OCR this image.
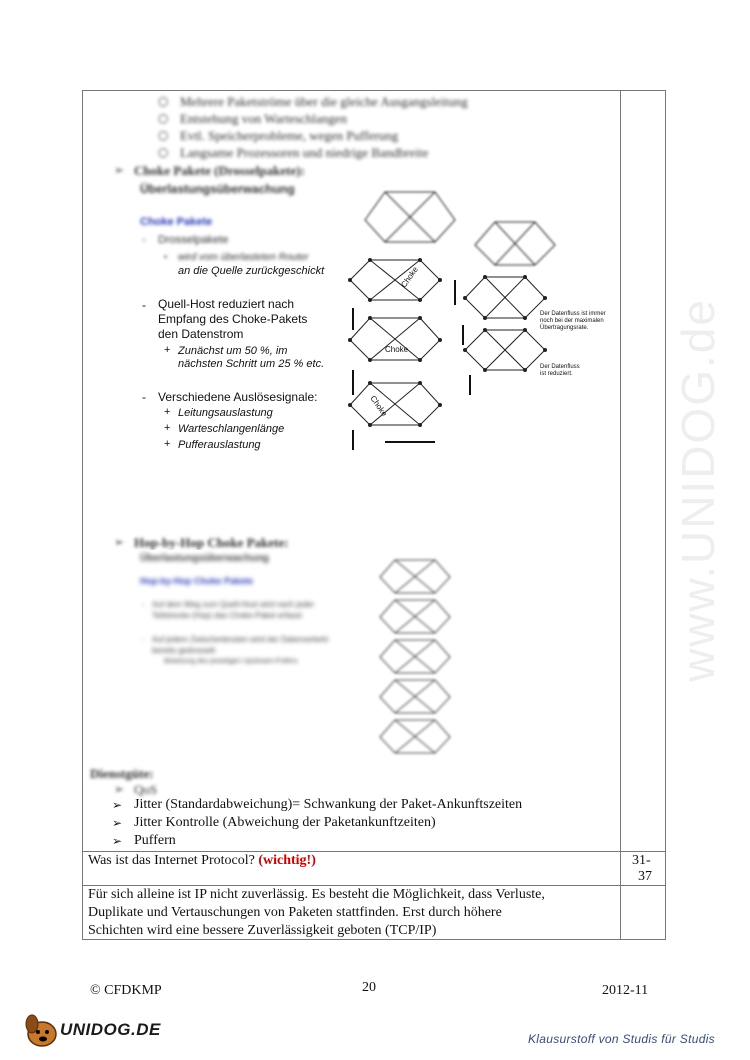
www.UNIDOG.de
○ Mehrere Paketströme über die gleiche Ausgangsleitung
○ Entstehung von Warteschlangen
○ Evtl. Speicherprobleme, wegen Pufferung
○ Langsame Prozessoren und niedrige Bandbreite
➢ Choke Pakete (Drosselpakete):
Überlastungsüberwachung
Choke Pakete
- Drosselpakete
• wird vom überlasteten Router
an die Quelle zurückgeschickt
- Quell-Host reduziert nach
Empfang des Choke-Pakets
den Datenstrom
+ Zunächst um 50 %, im
nächsten Schritt um 25 % etc.
- Verschiedene Auslösesignale:
+ Leitungsauslastung
+ Warteschlangenlänge
+ Pufferauslastung
Choke
Choke
Choke
Der Datenfluss ist immer
noch bei der maximalen
Übertragungsrate.
Der Datenfluss
ist reduziert.
➢ Hop-by-Hop Choke Pakete:
Überlastungsüberwachung
Hop-by-Hop Choke Pakete
- Auf dem Weg zum Quell-Host wird nach jeder
Teilstrecke (Hop) das Choke-Paket erfasst
- Auf jedem Zwischenknoten wird der Datenverkehr
bereits gedrosselt
Belastung des jeweiligen Upstream-Puffers
Dienstgüte:
➢ QoS
➢ Jitter (Standardabweichung)= Schwankung der Paket-Ankunftszeiten
➢ Jitter Kontrolle (Abweichung der Paketankunftzeiten)
➢ Puffern
Was ist das Internet Protocol? (wichtig!)	31-
37
Für sich alleine ist IP nicht zuverlässig. Es besteht die Möglichkeit, dass Verluste,
Duplikate und Vertauschungen von Paketen stattfinden. Erst durch höhere
Schichten wird eine bessere Zuverlässigkeit geboten (TCP/IP)
© CFDKMP	20	2012-11
UNIDOG.DE	Klausurstoff von Studis für Studis
